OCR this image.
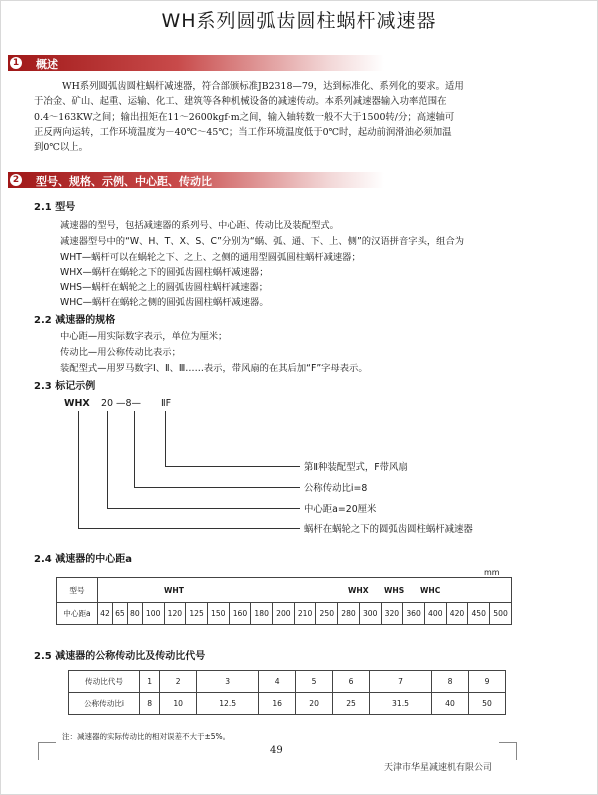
WH系列圆弧齿圆柱蜗杆减速器
1 概述
WH系列圆弧齿圆柱蜗杆减速器，符合部颁标准JB2318—79，达到标准化、系列化的要求。适用
于冶金、矿山、起重、运输、化工、建筑等各种机械设备的减速传动。本系列减速器输入功率范围在
0.4～163KW之间；输出扭矩在11～2600kgf·m之间，输入轴转数一般不大于1500转/分；高速轴可
正反两向运转，工作环境温度为－40℃～45℃；当工作环境温度低于0℃时，起动前润滑油必须加温
到0℃以上。
2 型号、规格、示例、中心距、传动比
2.1 型号
减速器的型号，包括减速器的系列号、中心距、传动比及装配型式。
减速器型号中的“W、H、T、X、S、C”分别为“蜗、弧、通、下、上、侧”的汉语拼音字头，组合为
WHT—蜗杆可以在蜗轮之下、之上、之侧的通用型圆弧圆柱蜗杆减速器；
WHX—蜗杆在蜗轮之下的圆弧齿圆柱蜗杆减速器；
WHS—蜗杆在蜗轮之上的圆弧齿圆柱蜗杆减速器；
WHC—蜗杆在蜗轮之侧的圆弧齿圆柱蜗杆减速器。
2.2 减速器的规格
中心距—用实际数字表示，单位为厘米；
传动比—用公称传动比表示；
装配型式—用罗马数字Ⅰ、Ⅱ、Ⅲ……表示，带风扇的在其后加“F”字母表示。
2.3 标记示例
WHX 20 —8— ⅡF
第Ⅱ种装配型式，F带风扇
公称传动比i=8
中心距a=20厘米
蜗杆在蜗轮之下的圆弧齿圆柱蜗杆减速器
2.4 减速器的中心距a
mm
型号	WHT WHX WHS WHC																			

中心距a	42	65	80	100	120	125	150	160	180	200	210	250	280	300	320	360	400	420	450	500
2.5 减速器的公称传动比及传动比代号
传动比代号	1	2	3	4	5	6	7	8	9
公称传动比i	8	10	12.5	16	20	25	31.5	40	50
注：减速器的实际传动比的相对误差不大于±5%。
49
天津市华星减速机有限公司
